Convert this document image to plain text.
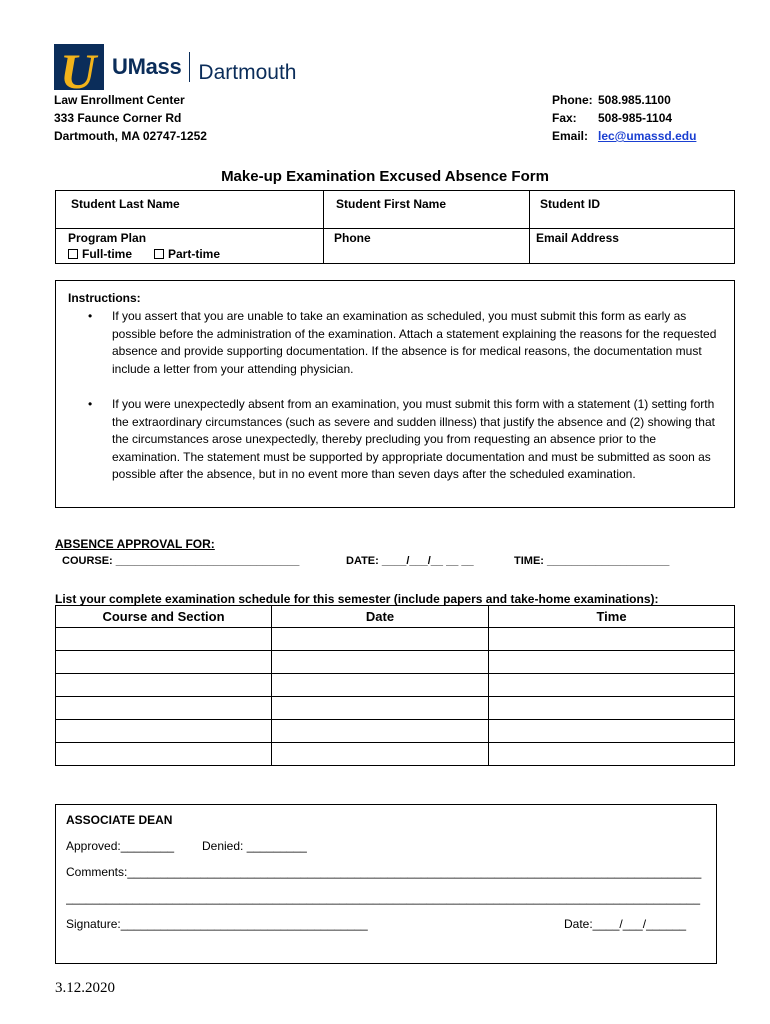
U UMass Dartmouth
Law Enrollment Center
333 Faunce Corner Rd
Dartmouth, MA 02747-1252
Phone: 508.985.1100
Fax: 508-985-1104
Email: lec@umassd.edu
Make-up Examination Excused Absence Form
Student Last Name	Student First Name	Student ID
Program Plan
Full-time	Part-time
Phone	Email Address
Instructions:
• If you assert that you are unable to take an examination as scheduled, you must submit this form as early as possible before the administration of the examination. Attach a statement explaining the reasons for the requested absence and provide supporting documentation. If the absence is for medical reasons, the documentation must include a letter from your attending physician.
• If you were unexpectedly absent from an examination, you must submit this form with a statement (1) setting forth the extraordinary circumstances (such as severe and sudden illness) that justify the absence and (2) showing that the circumstances arose unexpectedly, thereby precluding you from requesting an absence prior to the examination. The statement must be supported by appropriate documentation and must be submitted as soon as possible after the absence, but in no event more than seven days after the scheduled examination.
ABSENCE APPROVAL FOR:
COURSE: ______________________________	DATE: ____/___/__ __ __	TIME: ____________________
List your complete examination schedule for this semester (include papers and take-home examinations):
Course and Section	Date	Time

ASSOCIATE DEAN
Approved:________ Denied: _________
Comments:______________________________________________________________________________________
_______________________________________________________________________________________________
Signature:_____________________________________	Date:____/___/______
3.12.2020
